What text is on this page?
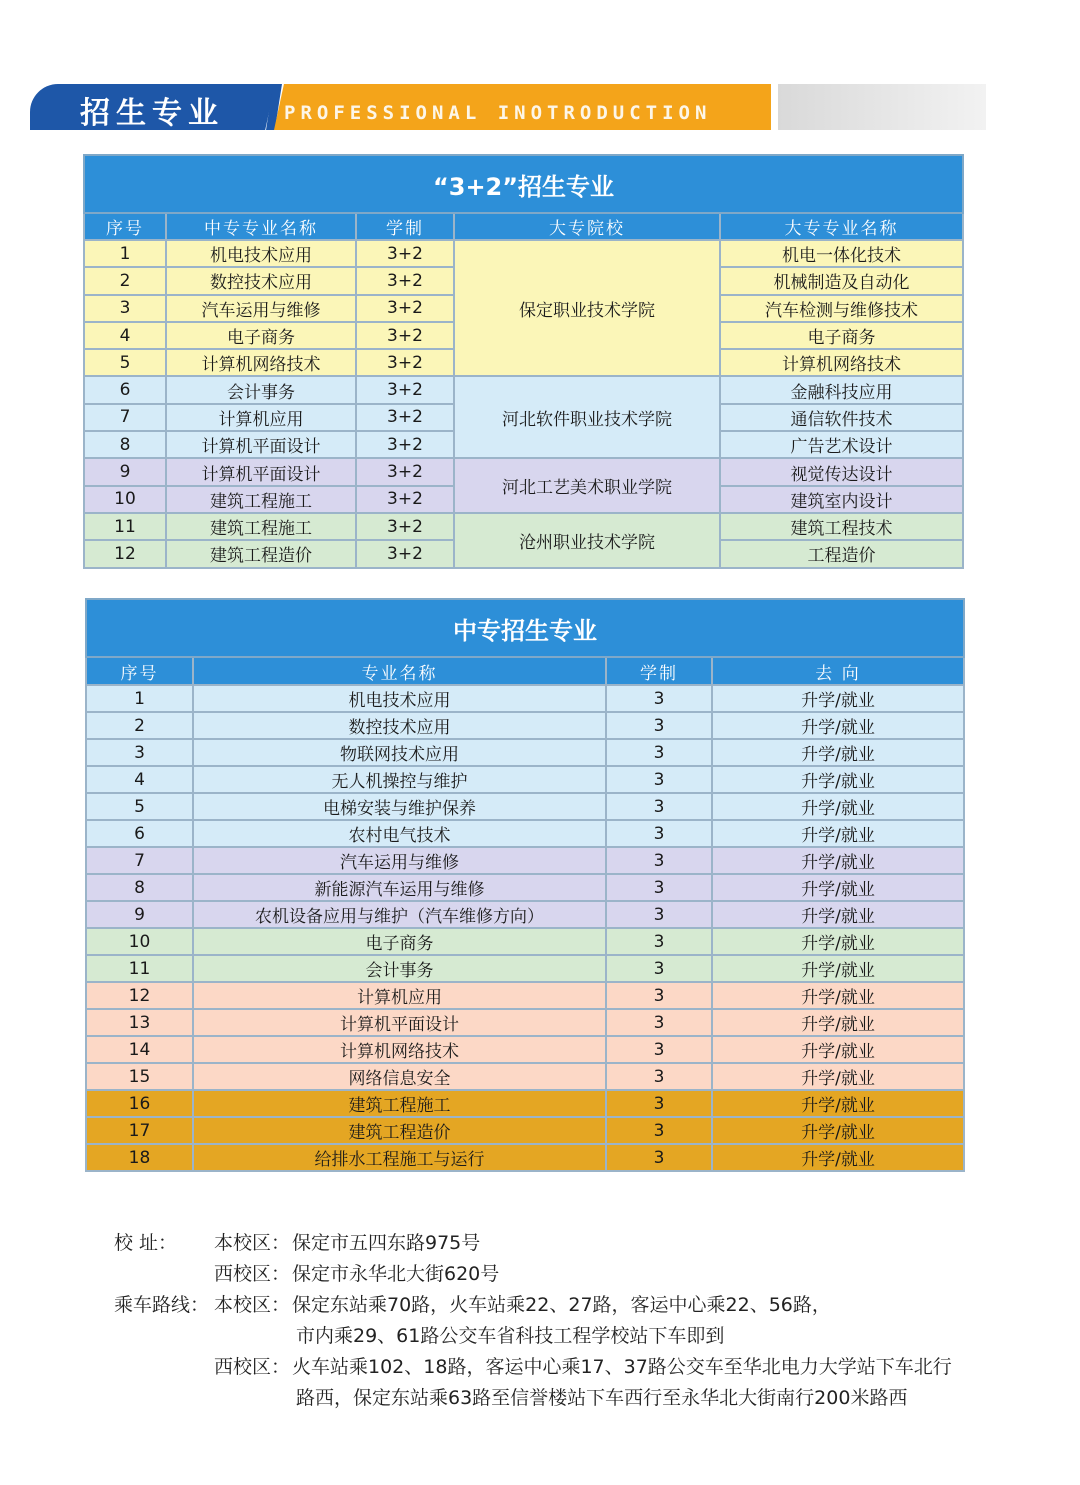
招生专业	PROFESSIONAL INOTRODUCTION
“3+2”招生专业				
序号	中专专业名称	学制	大专院校	大专专业名称
1	机电技术应用	3+2	保定职业技术学院	机电一体化技术
2	数控技术应用	3+2		机械制造及自动化
3	汽车运用与维修	3+2		汽车检测与维修技术
4	电子商务	3+2		电子商务
5	计算机网络技术	3+2		计算机网络技术
6	会计事务	3+2	河北软件职业技术学院	金融科技应用
7	计算机应用	3+2		通信软件技术
8	计算机平面设计	3+2		广告艺术设计
9	计算机平面设计	3+2	河北工艺美术职业学院	视觉传达设计
10	建筑工程施工	3+2		建筑室内设计
11	建筑工程施工	3+2	沧州职业技术学院	建筑工程技术
12	建筑工程造价	3+2		工程造价
中专招生专业			
序号	专业名称	学制	去 向
1	机电技术应用	3	升学/就业
2	数控技术应用	3	升学/就业
3	物联网技术应用	3	升学/就业
4	无人机操控与维护	3	升学/就业
5	电梯安装与维护保养	3	升学/就业
6	农村电气技术	3	升学/就业
7	汽车运用与维修	3	升学/就业
8	新能源汽车运用与维修	3	升学/就业
9	农机设备应用与维护（汽车维修方向）	3	升学/就业
10	电子商务	3	升学/就业
11	会计事务	3	升学/就业
12	计算机应用	3	升学/就业
13	计算机平面设计	3	升学/就业
14	计算机网络技术	3	升学/就业
15	网络信息安全	3	升学/就业
16	建筑工程施工	3	升学/就业
17	建筑工程造价	3	升学/就业
18	给排水工程施工与运行	3	升学/就业
校 址： 本校区： 保定市五四东路975号
西校区： 保定市永华北大街620号
乘车路线： 本校区： 保定东站乘70路，火车站乘22、27路，客运中心乘22、56路，
市内乘29、61路公交车省科技工程学校站下车即到
西校区： 火车站乘102、18路，客运中心乘17、37路公交车至华北电力大学站下车北行
路西，保定东站乘63路至信誉楼站下车西行至永华北大街南行200米路西
